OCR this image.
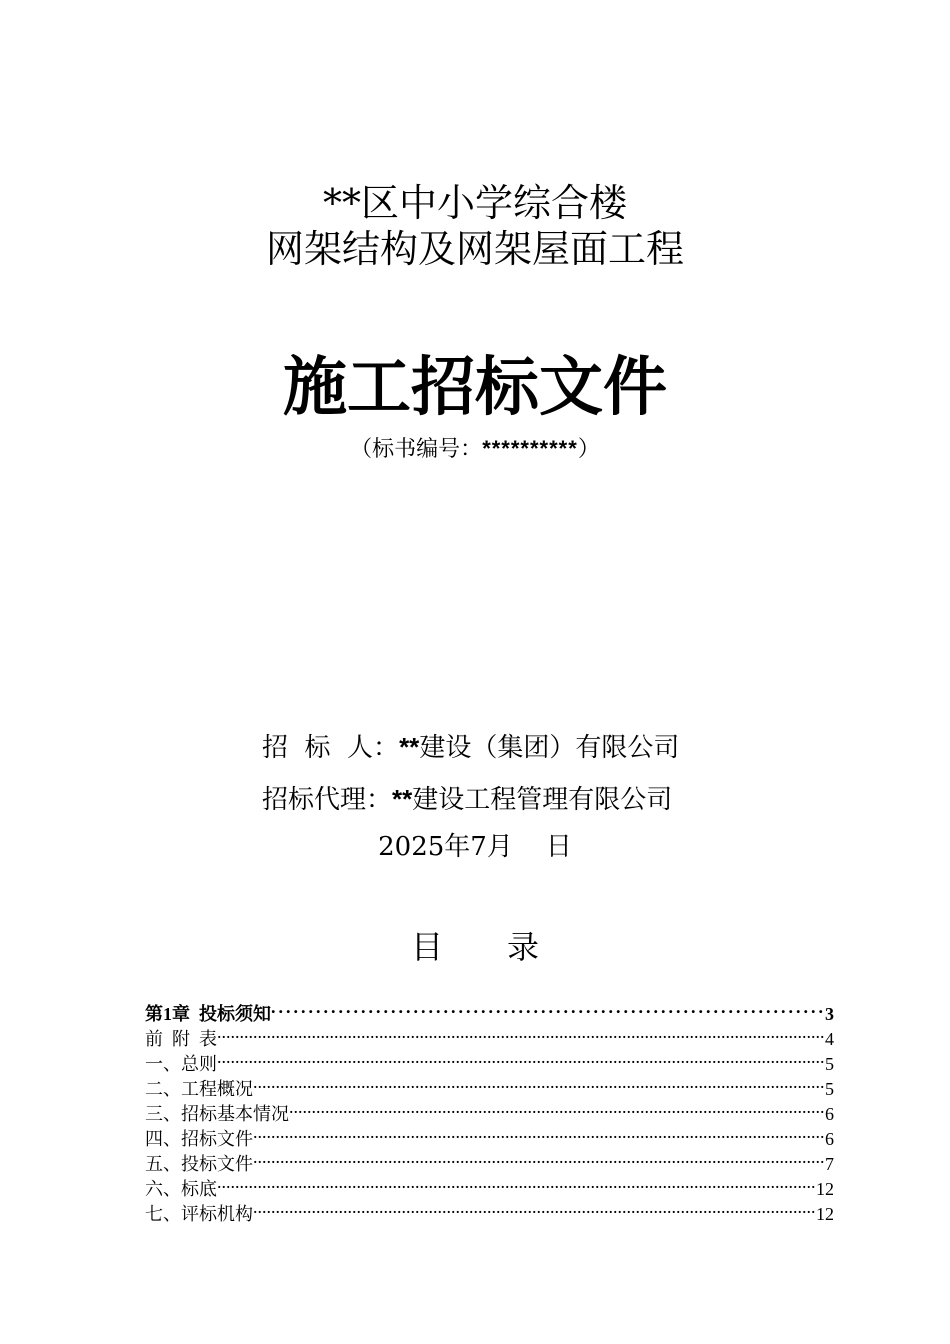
**区中小学综合楼
网架结构及网架屋面工程
施工招标文件
（标书编号：**********）
招  标  人：**建设（集团）有限公司
招标代理：**建设工程管理有限公司
2025年7月    日
目录
第1章  投标须知 .....	3
前  附  表 .....	4
一、总则 .....	5
二、工程概况 .....	5
三、招标基本情况 .....	6
四、招标文件 .....	6
五、投标文件 .....	7
六、标底 .....	12
七、评标机构 .....	12
